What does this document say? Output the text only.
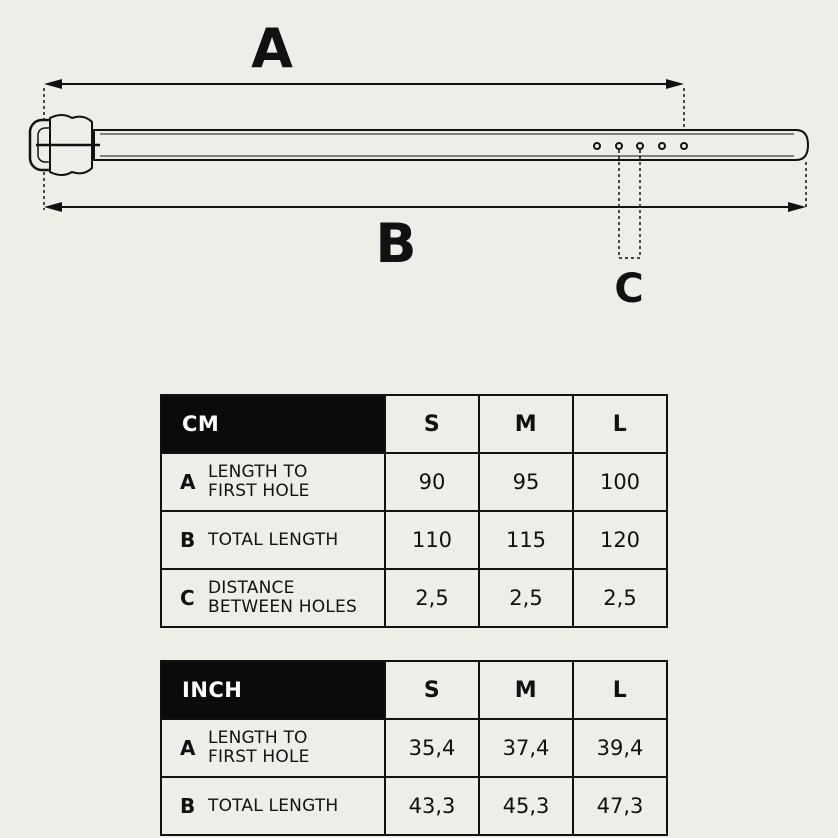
A
B
C
CM	S	M	L

A LENGTH TO
FIRST HOLE	90	95	100

B TOTAL LENGTH	110	115	120

C DISTANCE
BETWEEN HOLES	2,5	2,5	2,5
INCH	S	M	L

A LENGTH TO
FIRST HOLE	35,4	37,4	39,4

B TOTAL LENGTH	43,3	45,3	47,3
